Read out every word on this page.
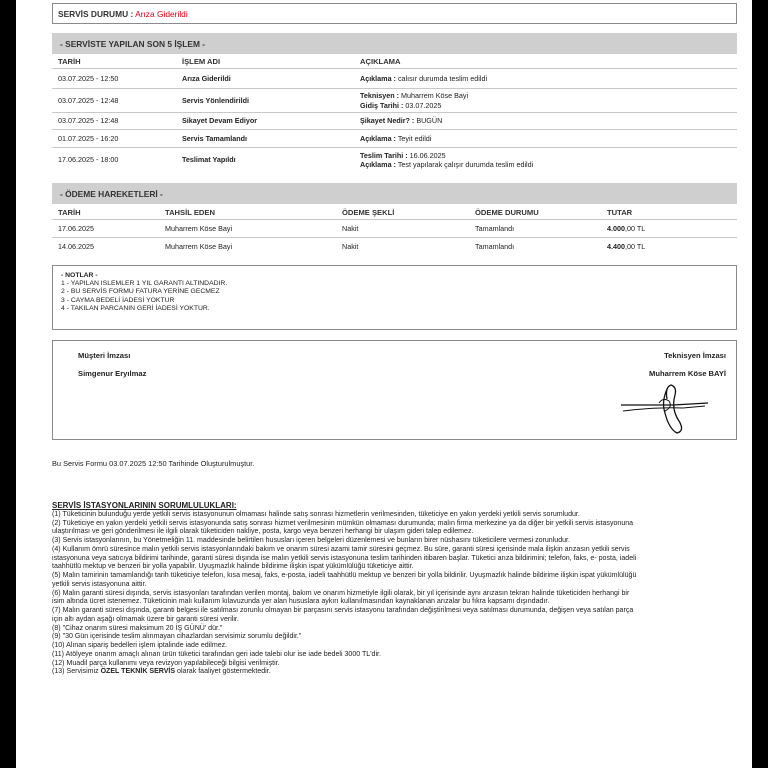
SERVİS DURUMU : Arıza Giderildi
- SERVİSTE YAPILAN SON 5 İŞLEM -
TARİH	İŞLEM ADI	AÇIKLAMA
03.07.2025 - 12:50	Arıza Giderildi	Açıklama : calısır durumda teslim edildi
03.07.2025 - 12:48	Servis Yönlendirildi
Teknisyen : Muharrem Köse Bayi
Gidiş Tarihi : 03.07.2025
03.07.2025 - 12:48	Sikayet Devam Ediyor	Şikayet Nedir? : BUGÜN
01.07.2025 - 16:20	Servis Tamamlandı	Açıklama : Teyit edildi
17.06.2025 - 18:00	Teslimat Yapıldı
Teslim Tarihi : 16.06.2025
Açıklama : Test yapılarak çalışır durumda teslim edildi
- ÖDEME HAREKETLERİ -
TARİH	TAHSİL EDEN	ÖDEME ŞEKLİ	ÖDEME DURUMU	TUTAR
17.06.2025	Muharrem Köse Bayi	Nakit	Tamamlandı	4.000,00 TL
14.06.2025	Muharrem Köse Bayi	Nakit	Tamamlandı	4.400,00 TL
- NOTLAR -
1 - YAPILAN ISLEMLER 1 YIL GARANTI ALTINDADIR.
2 - BU SERVİS FORMU FATURA YERİNE GECMEZ
3 - CAYMA BEDELİ İADESİ YOKTUR
4 - TAKILAN PARCANIN GERİ İADESİ YOKTUR.
Müşteri İmzası
Simgenur Eryılmaz
Teknisyen İmzası
Muharrem Köse BAYİ
Bu Servis Formu 03.07.2025 12:50 Tarihinde Oluşturulmuştur.
SERVİS İSTASYONLARININ SORUMLULUKLARI:
(1) Tüketicinin bulunduğu yerde yetkili servis istasyonunun olmaması halinde satış sonrası hizmetlerin verilmesinden, tüketiciye en yakın yerdeki yetkili servis sorumludur.
(2) Tüketiciye en yakın yerdeki yetkili servis istasyonunda satış sonrası hizmet verilmesinin mümkün olmaması durumunda; malın firma merkezine ya da diğer bir yetkili servis istasyonuna
ulaştırılması ve geri gönderilmesi ile ilgili olarak tüketiciden nakliye, posta, kargo veya benzeri herhangi bir ulaşım gideri talep edilemez.
(3) Servis istasyonlarının, bu Yönetmeliğin 11. maddesinde belirtilen hususları içeren belgeleri düzenlemesi ve bunların birer nüshasını tüketicilere vermesi zorunludur.
(4) Kullanım ömrü süresince malın yetkili servis istasyonlarındaki bakım ve onarım süresi azami tamir süresini geçmez. Bu süre, garanti süresi içerisinde mala ilişkin arızasın yetkili servis
istasyonuna veya satıcıya bildirimi tarihinde, garanti süresi dışında ise malın yetkili servis istasyonuna teslim tarihinden itibaren başlar. Tüketici arıza bildirimini; telefon, faks, e- posta, iadeli
taahhütlü mektup ve benzeri bir yolla yapabilir. Uyuşmazlık halinde bildirime ilişkin ispat yükümlülüğü tüketiciye aittir.
(5) Malın tamirinin tamamlandığı tarih tüketiciye telefon, kısa mesaj, faks, e-posta, iadeli taahhütlü mektup ve benzeri bir yolla bildirilir. Uyuşmazlık halinde bildirime ilişkin ispat yükümlülüğü
yetkili servis istasyonuna aittir.
(6) Malın garanti süresi dışında, servis istasyonları tarafından verilen montaj, bakım ve onarım hizmetiyle ilgili olarak, bir yıl içerisinde aynı arızasın tekrarı halinde tüketiciden herhangi bir
isim altında ücret istenemez. Tüketicinin malı kullanım kılavuzunda yer alan hususlara aykırı kullanılmasından kaynaklanan arızalar bu fıkra kapsamı dışındadır.
(7) Malın garanti süresi dışında, garanti belgesi ile satılması zorunlu olmayan bir parçasını servis istasyonu tarafından değiştirilmesi veya satılması durumunda, değişen veya satılan parça
için altı aydan aşağı olmamak üzere bir garanti süresi verilir.
(8) "Cihaz onarım süresi maksimum 20 İŞ GÜNÜ' dür."
(9) "30 Gün içerisinde teslim alınmayan cihazlardan servisimiz sorumlu değildir."
(10) Alınan sipariş bedelleri işlem iptalinde iade edilmez.
(11) Atölyeye onarım amaçlı alınan ürün tüketici tarafından geri iade talebi olur ise iade bedeli 3000 TL'dir.
(12) Muadil parça kullanımı veya revizyon yapılabileceği bilgisi verilmiştir.
(13) Servisimiz ÖZEL TEKNİK SERVİS olarak faaliyet göstermektedir.
